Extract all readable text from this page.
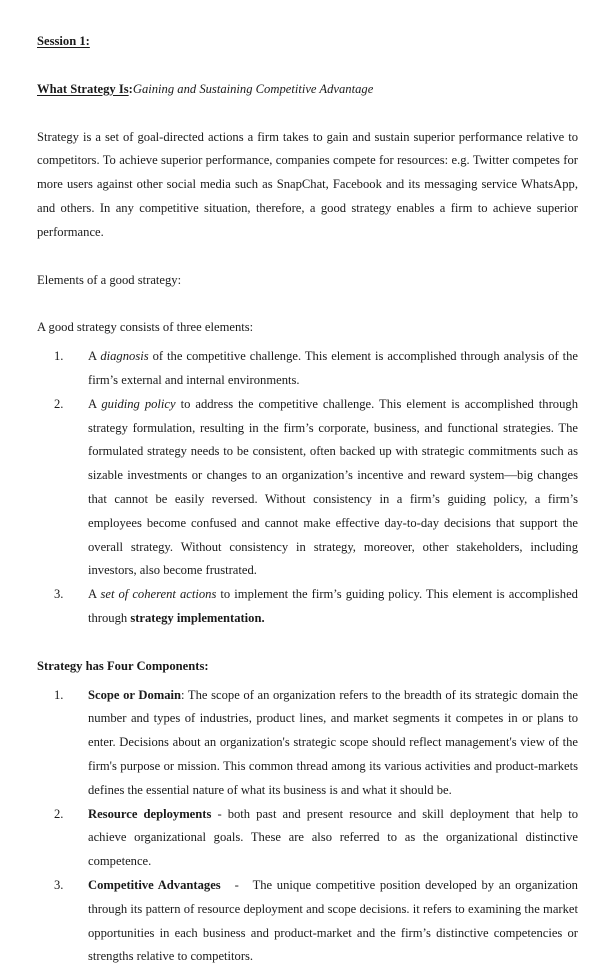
Session 1:

What Strategy Is:Gaining and Sustaining Competitive Advantage

Strategy is a set of goal-directed actions a firm takes to gain and sustain superior performance relative to competitors. To achieve superior performance, companies compete for resources: e.g. Twitter competes for more users against other social media such as SnapChat, Facebook and its messaging service WhatsApp, and others. In any competitive situation, therefore, a good strategy enables a firm to achieve superior performance.

Elements of a good strategy:

A good strategy consists of three elements:

A diagnosis of the competitive challenge. This element is accomplished through analysis of the firm’s external and internal environments.
A guiding policy to address the competitive challenge. This element is accomplished through strategy formulation, resulting in the firm’s corporate, business, and functional strategies. The formulated strategy needs to be consistent, often backed up with strategic commitments such as sizable investments or changes to an organization’s incentive and reward system—big changes that cannot be easily reversed. Without consistency in a firm’s guiding policy, a firm’s employees become confused and cannot make effective day-to-day decisions that support the overall strategy. Without consistency in strategy, moreover, other stakeholders, including investors, also become frustrated.
A set of coherent actions to implement the firm’s guiding policy. This element is accomplished through strategy implementation.

Strategy has Four Components:

Scope or Domain: The scope of an organization refers to the breadth of its strategic domain the number and types of industries, product lines, and market segments it competes in or plans to enter. Decisions about an organization's strategic scope should reflect management's view of the firm's purpose or mission. This common thread among its various activities and product-markets defines the essential nature of what its business is and what it should be.
Resource deployments - both past and present resource and skill deployment that help to achieve organizational goals. These are also referred to as the organizational distinctive competence.
Competitive Advantages   -   The unique competitive position developed by an organization through its pattern of resource deployment and scope decisions. it refers to examining the market opportunities in each business and product-market and the firm’s distinctive competencies or strengths relative to competitors.
